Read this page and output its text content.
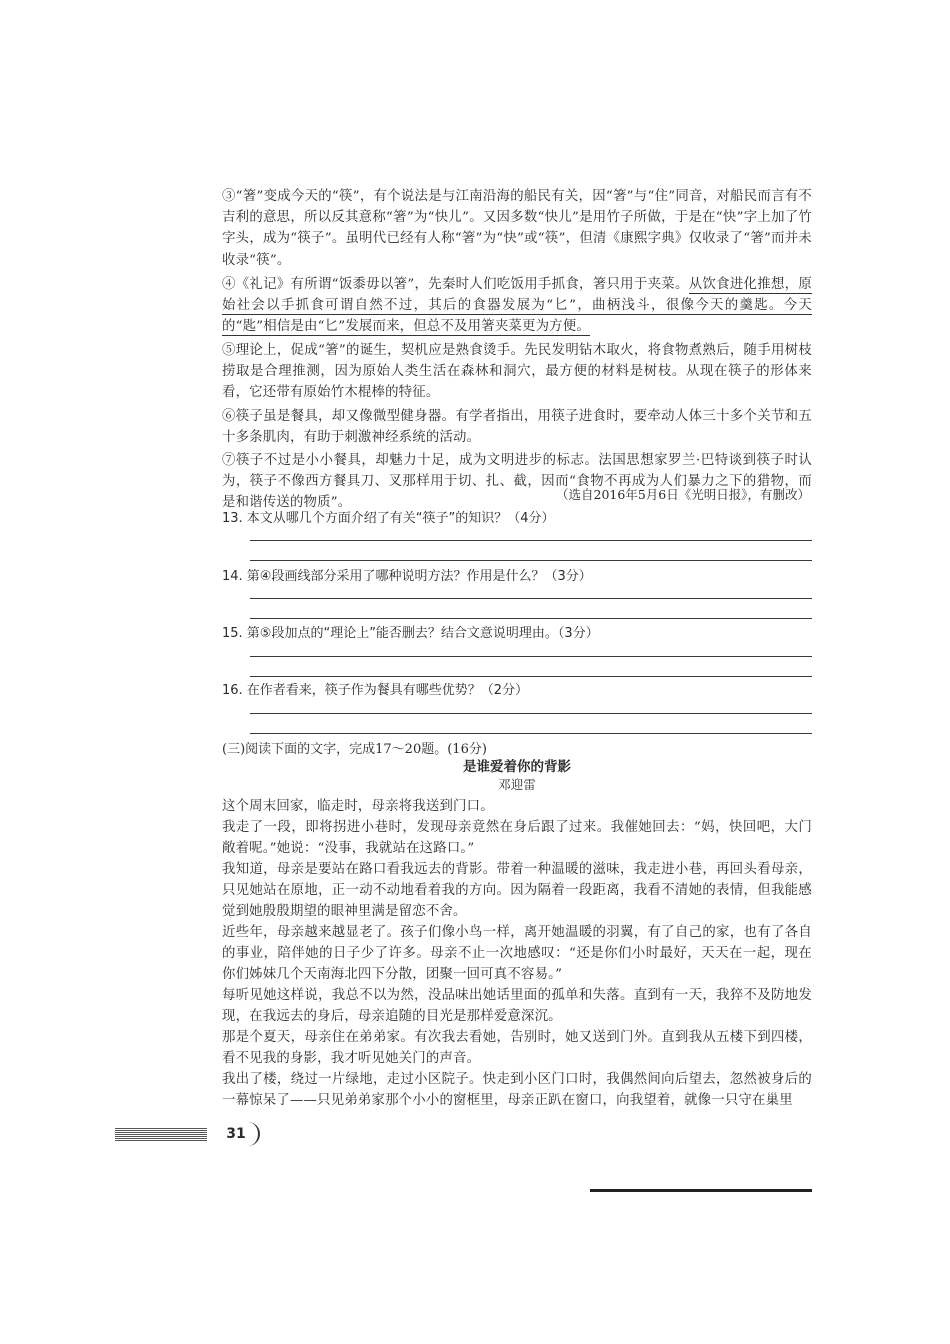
③“箸”变成今天的“筷”，有个说法是与江南沿海的船民有关，因“箸”与“住”同音，对船民而言有不吉利的意思，所以反其意称“箸”为“快儿”。又因多数“快儿”是用竹子所做，于是在“快”字上加了竹字头，成为“筷子”。虽明代已经有人称“箸”为“快”或“筷”，但清《康熙字典》仅收录了“箸”而并未收录“筷”。

④《礼记》有所谓“饭黍毋以箸”，先秦时人们吃饭用手抓食，箸只用于夹菜。从饮食进化推想，原始社会以手抓食可谓自然不过，其后的食器发展为“匕”，曲柄浅斗，很像今天的羹匙。今天的“匙”相信是由“匕”发展而来，但总不及用箸夹菜更为方便。

⑤理论上，促成“箸”的诞生，契机应是熟食烫手。先民发明钻木取火，将食物煮熟后，随手用树枝捞取是合理推测，因为原始人类生活在森林和洞穴，最方便的材料是树枝。从现在筷子的形体来看，它还带有原始竹木棍棒的特征。

⑥筷子虽是餐具，却又像微型健身器。有学者指出，用筷子进食时，要牵动人体三十多个关节和五十多条肌肉，有助于刺激神经系统的活动。

⑦筷子不过是小小餐具，却魅力十足，成为文明进步的标志。法国思想家罗兰·巴特谈到筷子时认为，筷子不像西方餐具刀、叉那样用于切、扎、截，因而“食物不再成为人们暴力之下的猎物，而是和谐传送的物质”。

（选自2016年5月6日《光明日报》，有删改）
13. 本文从哪几个方面介绍了有关“筷子”的知识？（4分）
14. 第④段画线部分采用了哪种说明方法？作用是什么？（3分）
15. 第⑤段加点的“理论上”能否删去？结合文意说明理由。（3分）
16. 在作者看来，筷子作为餐具有哪些优势？（2分）
(三)阅读下面的文字，完成17～20题。(16分)
是谁爱着你的背影
邓迎雷

这个周末回家，临走时，母亲将我送到门口。

我走了一段，即将拐进小巷时，发现母亲竟然在身后跟了过来。我催她回去：“妈，快回吧，大门敞着呢。”她说：“没事，我就站在这路口。”

我知道，母亲是要站在路口看我远去的背影。带着一种温暖的滋味，我走进小巷，再回头看母亲，只见她站在原地，正一动不动地看着我的方向。因为隔着一段距离，我看不清她的表情，但我能感觉到她殷殷期望的眼神里满是留恋不舍。

近些年，母亲越来越显老了。孩子们像小鸟一样，离开她温暖的羽翼，有了自己的家，也有了各自的事业，陪伴她的日子少了许多。母亲不止一次地感叹：“还是你们小时最好，天天在一起，现在你们姊妹几个天南海北四下分散，团聚一回可真不容易。”

每听见她这样说，我总不以为然，没品味出她话里面的孤单和失落。直到有一天，我猝不及防地发现，在我远去的身后，母亲追随的目光是那样爱意深沉。

那是个夏天，母亲住在弟弟家。有次我去看她，告别时，她又送到门外。直到我从五楼下到四楼，看不见我的身影，我才听见她关门的声音。

我出了楼，绕过一片绿地，走过小区院子。快走到小区门口时，我偶然间向后望去，忽然被身后的一幕惊呆了——只见弟弟家那个小小的窗框里，母亲正趴在窗口，向我望着，就像一只守在巢里

31
